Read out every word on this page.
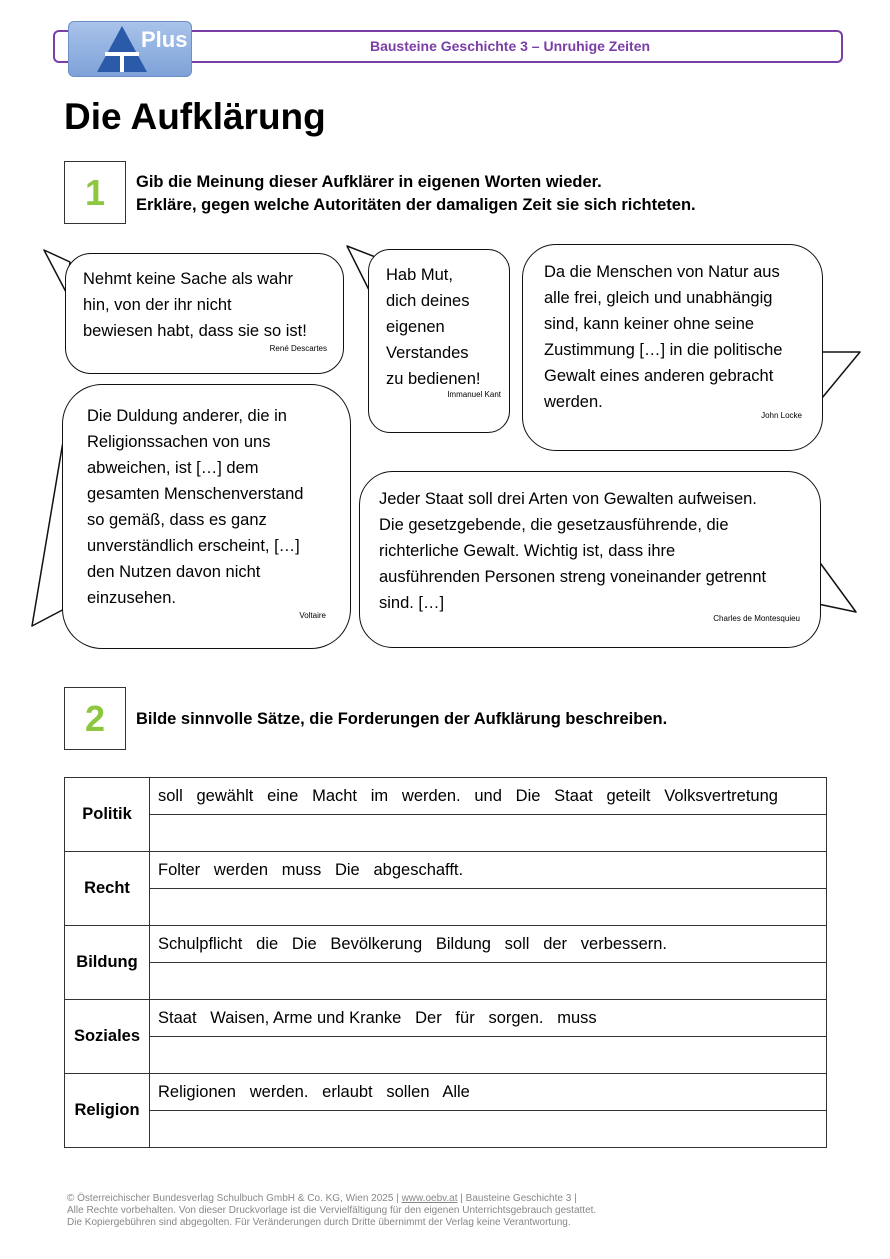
Bausteine Geschichte 3 – Unruhige Zeiten
Plus
Die Aufklärung
1	Gib die Meinung dieser Aufklärer in eigenen Worten wieder.
Erkläre, gegen welche Autoritäten der damaligen Zeit sie sich richteten.
Nehmt keine Sache als wahr
hin, von der ihr nicht
bewiesen habt, dass sie so ist!
René Descartes
Hab Mut,
dich deines
eigenen
Verstandes
zu bedienen!
Immanuel Kant
Da die Menschen von Natur aus
alle frei, gleich und unabhängig
sind, kann keiner ohne seine
Zustimmung […] in die politische
Gewalt eines anderen gebracht
werden.
John Locke
Die Duldung anderer, die in
Religionssachen von uns
abweichen, ist […] dem
gesamten Menschenverstand
so gemäß, dass es ganz
unverständlich erscheint, […]
den Nutzen davon nicht
einzusehen.
Voltaire
Jeder Staat soll drei Arten von Gewalten aufweisen.
Die gesetzgebende, die gesetzausführende, die
richterliche Gewalt. Wichtig ist, dass ihre
ausführenden Personen streng voneinander getrennt
sind. […]
Charles de Montesquieu
2	Bilde sinnvolle Sätze, die Forderungen der Aufklärung beschreiben.
Politik	soll   gewählt   eine   Macht   im   werden.   und   Die   Staat   geteilt   Volksvertretung

Recht	Folter   werden   muss   Die   abgeschafft.

Bildung	Schulpflicht   die   Die   Bevölkerung   Bildung   soll   der   verbessern.

Soziales	Staat   Waisen, Arme und Kranke   Der   für   sorgen.   muss

Religion	Religionen   werden.   erlaubt   sollen   Alle

© Österreichischer Bundesverlag Schulbuch GmbH & Co. KG, Wien 2025 | www.oebv.at | Bausteine Geschichte 3 |
Alle Rechte vorbehalten. Von dieser Druckvorlage ist die Vervielfältigung für den eigenen Unterrichtsgebrauch gestattet.
Die Kopiergebühren sind abgegolten. Für Veränderungen durch Dritte übernimmt der Verlag keine Verantwortung.
